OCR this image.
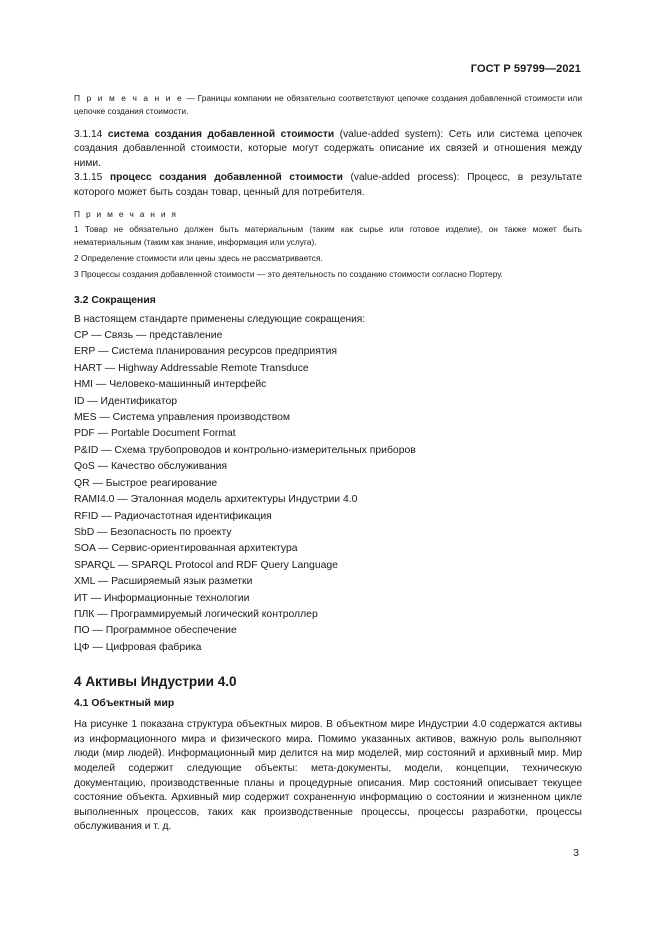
ГОСТ Р 59799—2021

П р и м е ч а н и е — Границы компании не обязательно соответствуют цепочке создания добавленной стоимости или цепочке создания стоимости.

3.1.14 система создания добавленной стоимости (value-added system): Сеть или система цепочек создания добавленной стоимости, которые могут содержать описание их связей и отношения между ними.

3.1.15 процесс создания добавленной стоимости (value-added process): Процесс, в результате которого может быть создан товар, ценный для потребителя.

П р и м е ч а н и я

1 Товар не обязательно должен быть материальным (таким как сырье или готовое изделие), он также может быть нематериальным (таким как знание, информация или услуга).

2 Определение стоимости или цены здесь не рассматривается.

3 Процессы создания добавленной стоимости — это деятельность по созданию стоимости согласно Портеру.

3.2 Сокращения

В настоящем стандарте применены следующие сокращения:

CP — Связь — представление
ERP — Система планирования ресурсов предприятия
HART — Highway Addressable Remote Transduce
HMI — Человеко-машинный интерфейс
ID — Идентификатор
MES — Система управления производством
PDF — Portable Document Format
P&ID — Схема трубопроводов и контрольно-измерительных приборов
QoS — Качество обслуживания
QR — Быстрое реагирование
RAMI4.0 — Эталонная модель архитектуры Индустрии 4.0
RFID — Радиочастотная идентификация
SbD — Безопасность по проекту
SOA — Сервис-ориентированная архитектура
SPARQL — SPARQL Protocol and RDF Query Language
XML — Расширяемый язык разметки
ИТ — Информационные технологии
ПЛК — Программируемый логический контроллер
ПО — Программное обеспечение
ЦФ — Цифровая фабрика

4 Активы Индустрии 4.0

4.1 Объектный мир

На рисунке 1 показана структура объектных миров. В объектном мире Индустрии 4.0 содержатся активы из информационного мира и физического мира. Помимо указанных активов, важную роль выполняют люди (мир людей). Информационный мир делится на мир моделей, мир состояний и архивный мир. Мир моделей содержит следующие объекты: мета-документы, модели, концепции, техническую документацию, производственные планы и процедурные описания. Мир состояний описывает текущее состояние объекта. Архивный мир содержит сохраненную информацию о состоянии и жизненном цикле выполненных процессов, таких как производственные процессы, процессы разработки, процессы обслуживания и т. д.

3
